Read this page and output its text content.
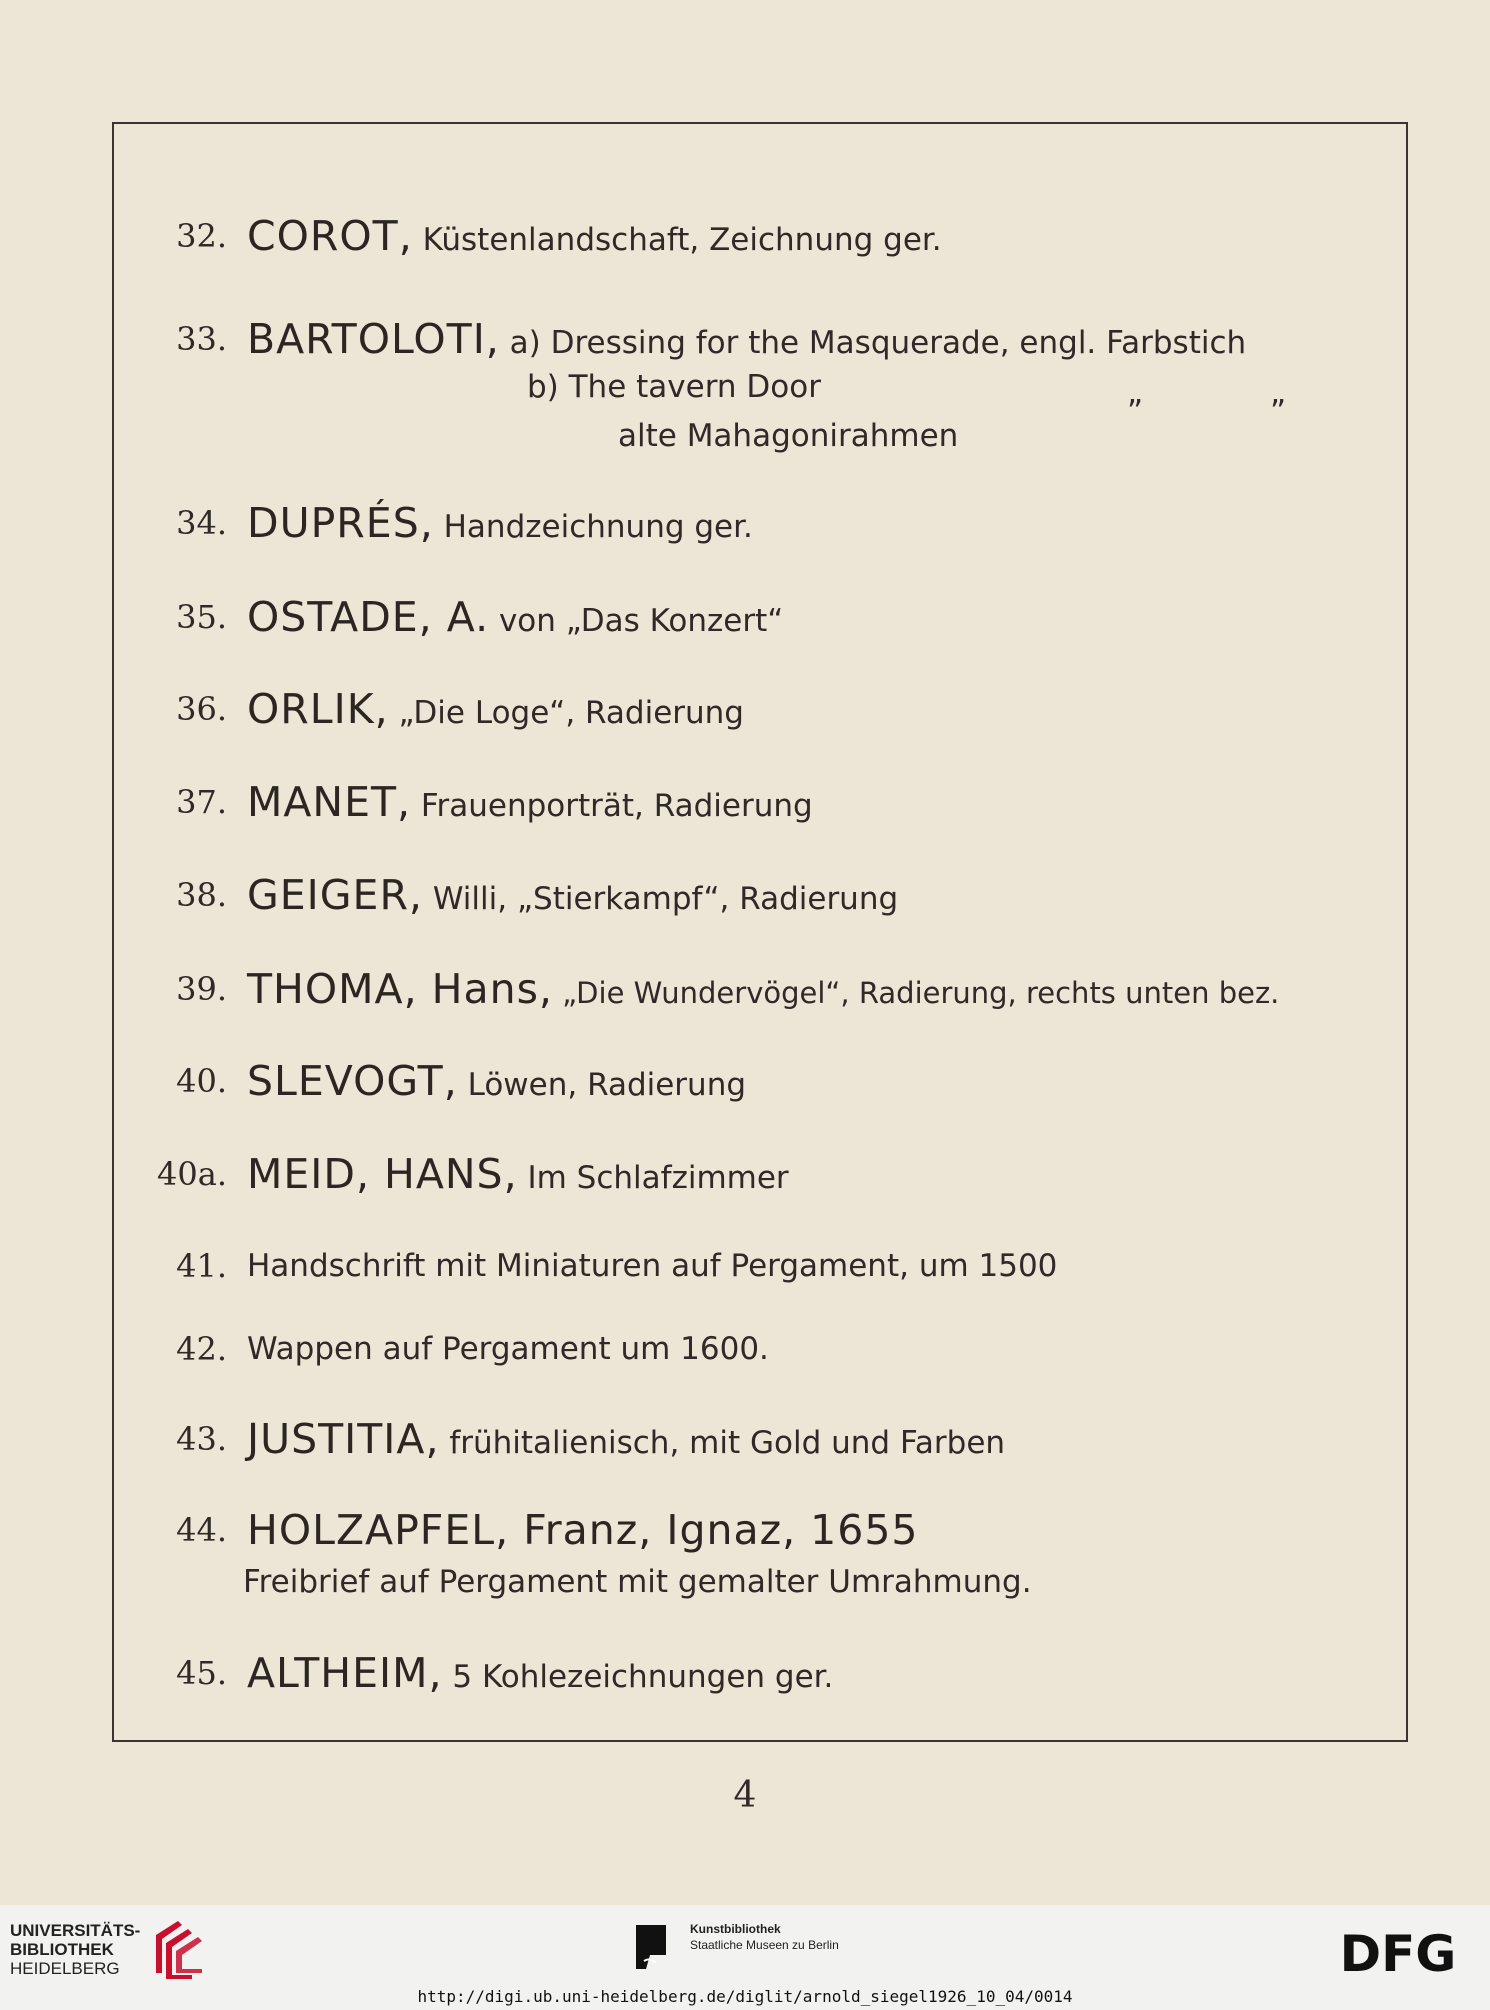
32. COROT, Küstenlandschaft, Zeichnung ger.
33. BARTOLOTI, a) Dressing for the Masquerade, engl. Farbstich
b) The tavern Door	„	„
alte Mahagonirahmen
34. DUPRÉS, Handzeichnung ger.
35. OSTADE, A. von „Das Konzert“
36. ORLIK, „Die Loge“, Radierung
37. MANET, Frauenporträt, Radierung
38. GEIGER, Willi, „Stierkampf“, Radierung
39. THOMA, Hans, „Die Wundervögel“, Radierung, rechts unten bez.
40. SLEVOGT, Löwen, Radierung
40a. MEID, HANS, Im Schlafzimmer
41. Handschrift mit Miniaturen auf Pergament, um 1500
42. Wappen auf Pergament um 1600.
43. JUSTITIA, frühitalienisch, mit Gold und Farben
44. HOLZAPFEL, Franz, Ignaz, 1655
Freibrief auf Pergament mit gemalter Umrahmung.
45. ALTHEIM, 5 Kohlezeichnungen ger.
4
UNIVERSITÄTS-
BIBLIOTHEK
HEIDELBERG
Kunstbibliothek
Staatliche Museen zu Berlin	DFG
http://digi.ub.uni-heidelberg.de/diglit/arnold_siegel1926_10_04/0014
